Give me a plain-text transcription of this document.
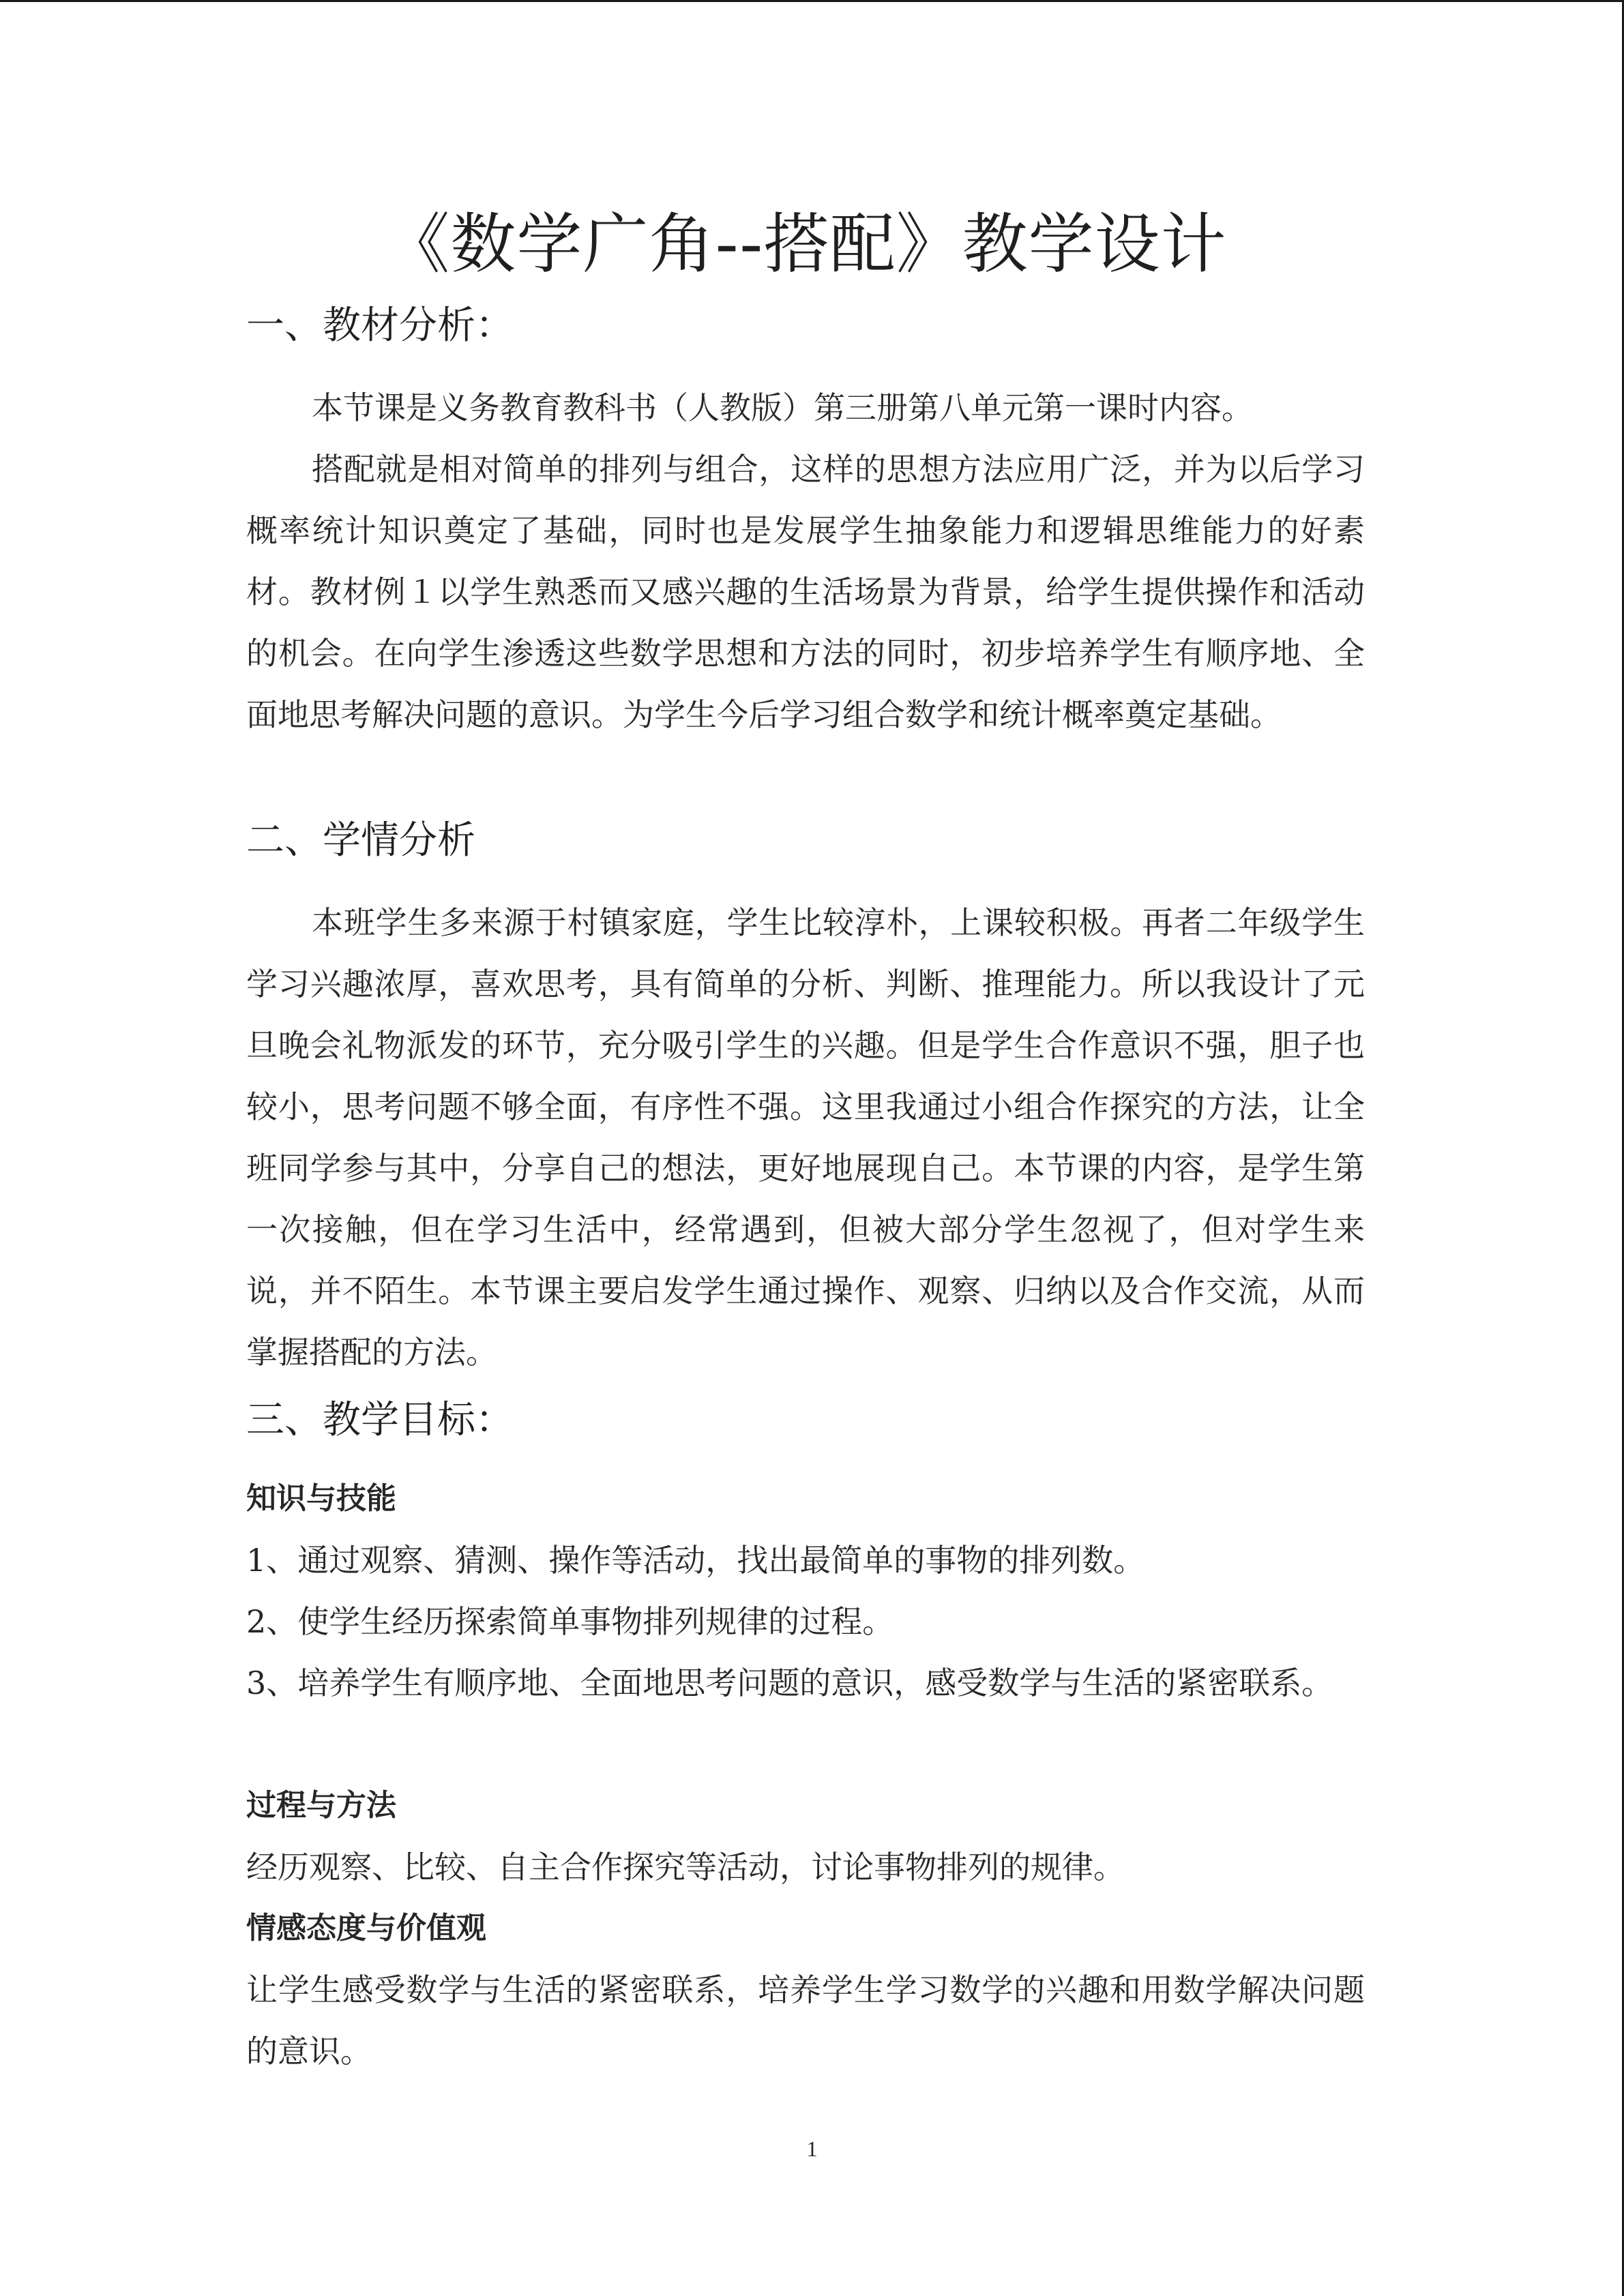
《数学广角--搭配》教学设计
一、教材分析：

本节课是义务教育教科书（人教版）第三册第八单元第一课时内容。

搭配就是相对简单的排列与组合，这样的思想方法应用广泛，并为以后学习概率统计知识奠定了基础，同时也是发展学生抽象能力和逻辑思维能力的好素材。教材例１以学生熟悉而又感兴趣的生活场景为背景，给学生提供操作和活动的机会。在向学生渗透这些数学思想和方法的同时，初步培养学生有顺序地、全面地思考解决问题的意识。为学生今后学习组合数学和统计概率奠定基础。

二、学情分析

本班学生多来源于村镇家庭，学生比较淳朴，上课较积极。再者二年级学生学习兴趣浓厚，喜欢思考，具有简单的分析、判断、推理能力。所以我设计了元旦晚会礼物派发的环节，充分吸引学生的兴趣。但是学生合作意识不强，胆子也较小，思考问题不够全面，有序性不强。这里我通过小组合作探究的方法，让全班同学参与其中，分享自己的想法，更好地展现自己。本节课的内容，是学生第一次接触，但在学习生活中，经常遇到，但被大部分学生忽视了，但对学生来说，并不陌生。本节课主要启发学生通过操作、观察、归纳以及合作交流，从而掌握搭配的方法。

三、教学目标：
知识与技能

1、通过观察、猜测、操作等活动，找出最简单的事物的排列数。

2、使学生经历探索简单事物排列规律的过程。

3、培养学生有顺序地、全面地思考问题的意识，感受数学与生活的紧密联系。

过程与方法

经历观察、比较、自主合作探究等活动，讨论事物排列的规律。

情感态度与价值观

让学生感受数学与生活的紧密联系，培养学生学习数学的兴趣和用数学解决问题的意识。

1
